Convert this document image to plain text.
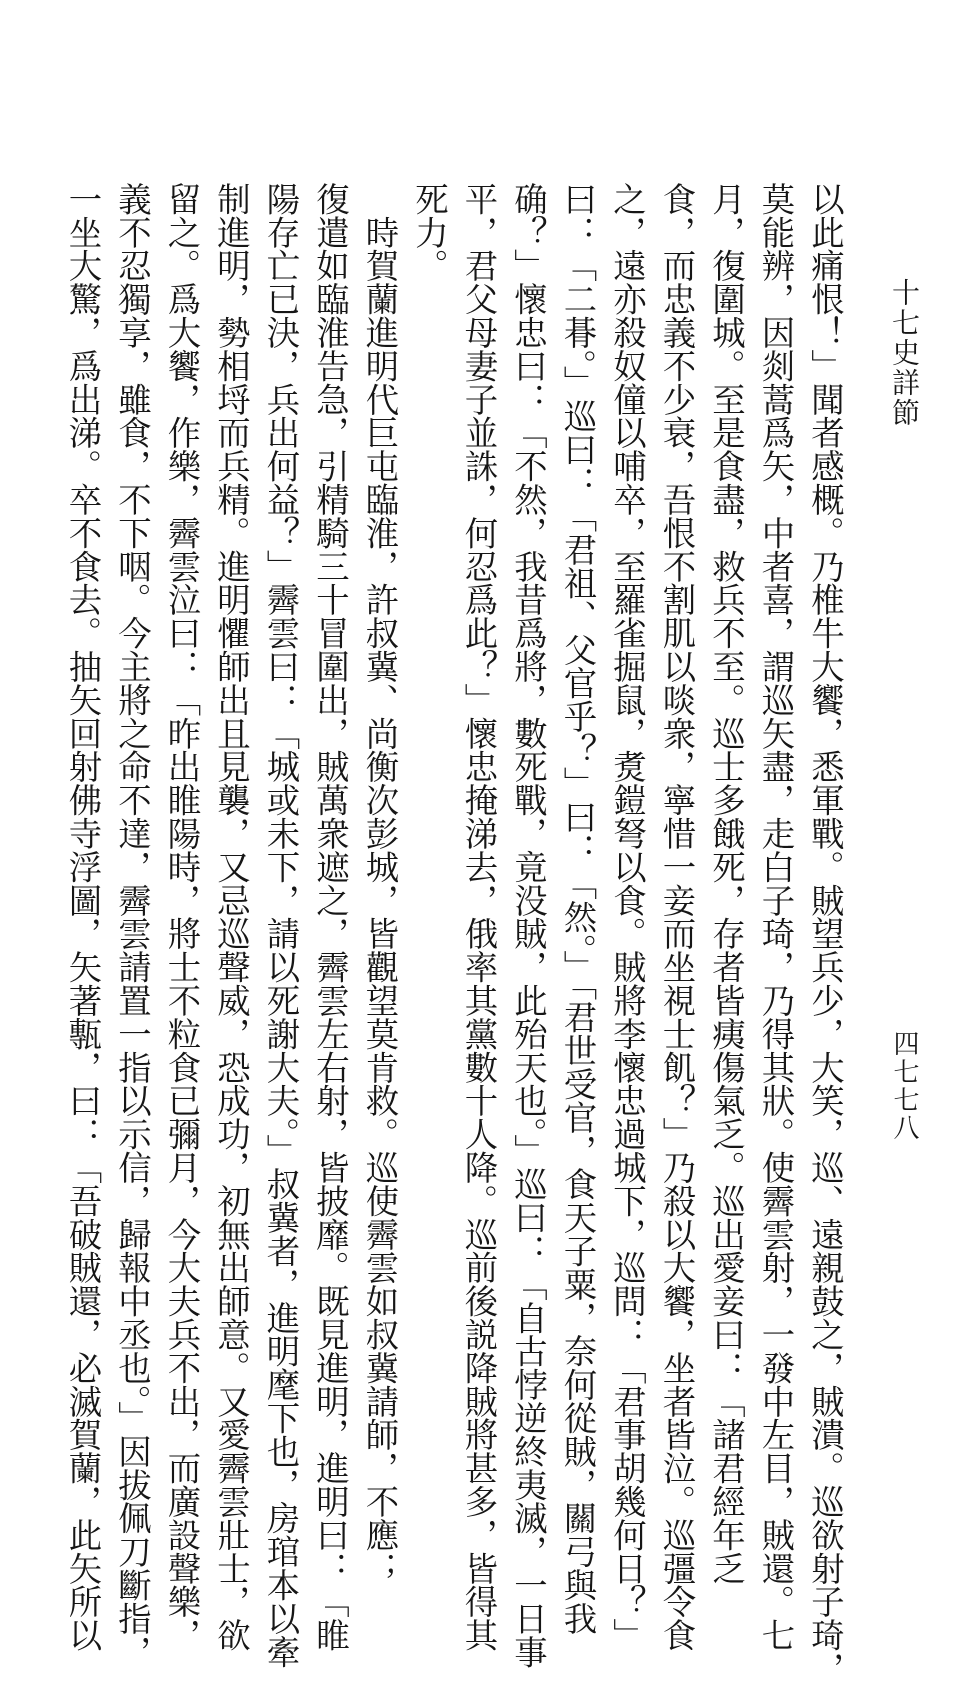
十七史詳節
四七七八
以此痛恨！」聞者感概。乃椎牛大饗，悉軍戰。賊望兵少，大笑，巡、遠親鼓之，賊潰。巡欲射子琦，
莫能辨，因剡蒿爲矢，中者喜，謂巡矢盡，走白子琦，乃得其狀。使霽雲射，一發中左目，賊還。七
月，復圍城。至是食盡，救兵不至。巡士多餓死，存者皆痍傷氣乏。巡出愛妾曰：「諸君經年乏
食，而忠義不少衰，吾恨不割肌以啖衆，寧惜一妾而坐視士飢？」乃殺以大饗，坐者皆泣。巡彊令食
之，遠亦殺奴僮以哺卒，至羅雀掘鼠，煑鎧弩以食。賊將李懷忠過城下，巡問：「君事胡幾何日？」
曰：「二朞。」巡曰：「君祖、父官乎？」曰：「然。」「君世受官，食天子粟，奈何從賊，關弓與我
确？」懷忠曰：「不然，我昔爲將，數死戰，竟没賊，此殆天也。」巡曰：「自古悖逆終夷滅，一日事
平，君父母妻子並誅，何忍爲此？」懷忠掩涕去，俄率其黨數十人降。巡前後説降賊將甚多，皆得其
死力。
　時賀蘭進明代巨屯臨淮，許叔冀、尚衡次彭城，皆觀望莫肯救。巡使霽雲如叔冀請師，不應；
復遣如臨淮告急，引精騎三十冒圍出，賊萬衆遮之，霽雲左右射，皆披靡。既見進明，進明曰：「睢
陽存亡已決，兵出何益？」霽雲曰：「城或未下，請以死謝大夫。」叔冀者，進明麾下也，房琯本以牽
制進明，勢相埒而兵精。進明懼師出且見襲，又忌巡聲威，恐成功，初無出師意。又愛霽雲壯士，欲
留之。爲大饗，作樂，霽雲泣曰：「昨出睢陽時，將士不粒食已彌月，今大夫兵不出，而廣設聲樂，
義不忍獨享，雖食，不下咽。今主將之命不達，霽雲請置一指以示信，歸報中丞也。」因拔佩刀斷指，
一坐大驚，爲出涕。卒不食去。抽矢回射佛寺浮圖，矢著甎，曰：「吾破賊還，必滅賀蘭，此矢所以
